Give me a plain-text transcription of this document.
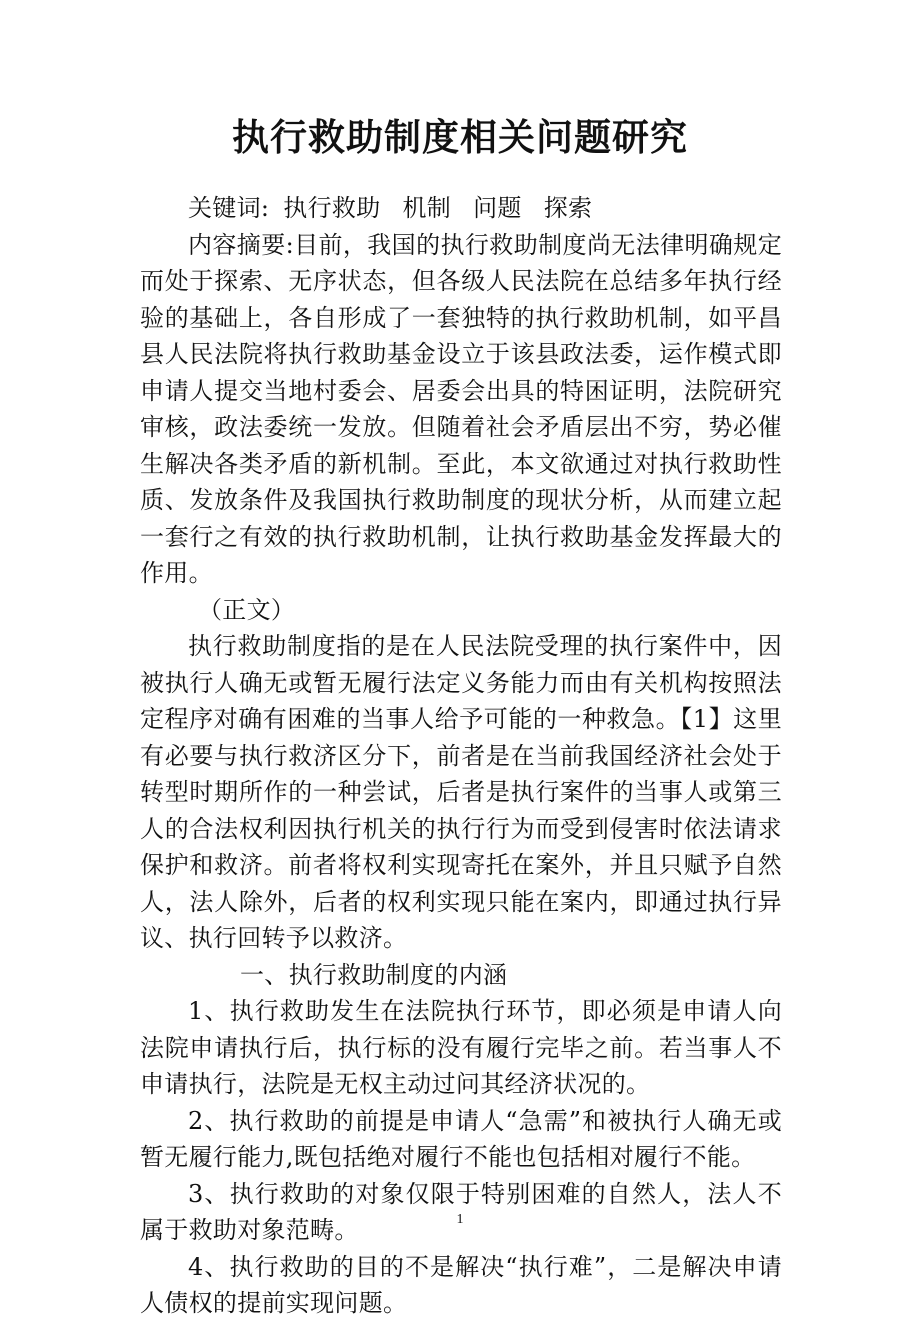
执行救助制度相关问题研究

关键词: 执行救助 机制 问题 探索

内容摘要:目前，我国的执行救助制度尚无法律明确规定而处于探索、无序状态，但各级人民法院在总结多年执行经验的基础上，各自形成了一套独特的执行救助机制，如平昌县人民法院将执行救助基金设立于该县政法委，运作模式即申请人提交当地村委会、居委会出具的特困证明，法院研究审核，政法委统一发放。但随着社会矛盾层出不穷，势必催生解决各类矛盾的新机制。至此，本文欲通过对执行救助性质、发放条件及我国执行救助制度的现状分析，从而建立起一套行之有效的执行救助机制，让执行救助基金发挥最大的作用。

（正文）

执行救助制度指的是在人民法院受理的执行案件中，因被执行人确无或暂无履行法定义务能力而由有关机构按照法定程序对确有困难的当事人给予可能的一种救急。【1】这里有必要与执行救济区分下，前者是在当前我国经济社会处于转型时期所作的一种尝试，后者是执行案件的当事人或第三人的合法权利因执行机关的执行行为而受到侵害时依法请求保护和救济。前者将权利实现寄托在案外，并且只赋予自然人，法人除外，后者的权利实现只能在案内，即通过执行异议、执行回转予以救济。

一、执行救助制度的内涵

1、执行救助发生在法院执行环节，即必须是申请人向法院申请执行后，执行标的没有履行完毕之前。若当事人不申请执行，法院是无权主动过问其经济状况的。

2、执行救助的前提是申请人“急需”和被执行人确无或暂无履行能力,既包括绝对履行不能也包括相对履行不能。

3、执行救助的对象仅限于特别困难的自然人，法人不属于救助对象范畴。

4、执行救助的目的不是解决“执行难”，二是解决申请人债权的提前实现问题。

1
